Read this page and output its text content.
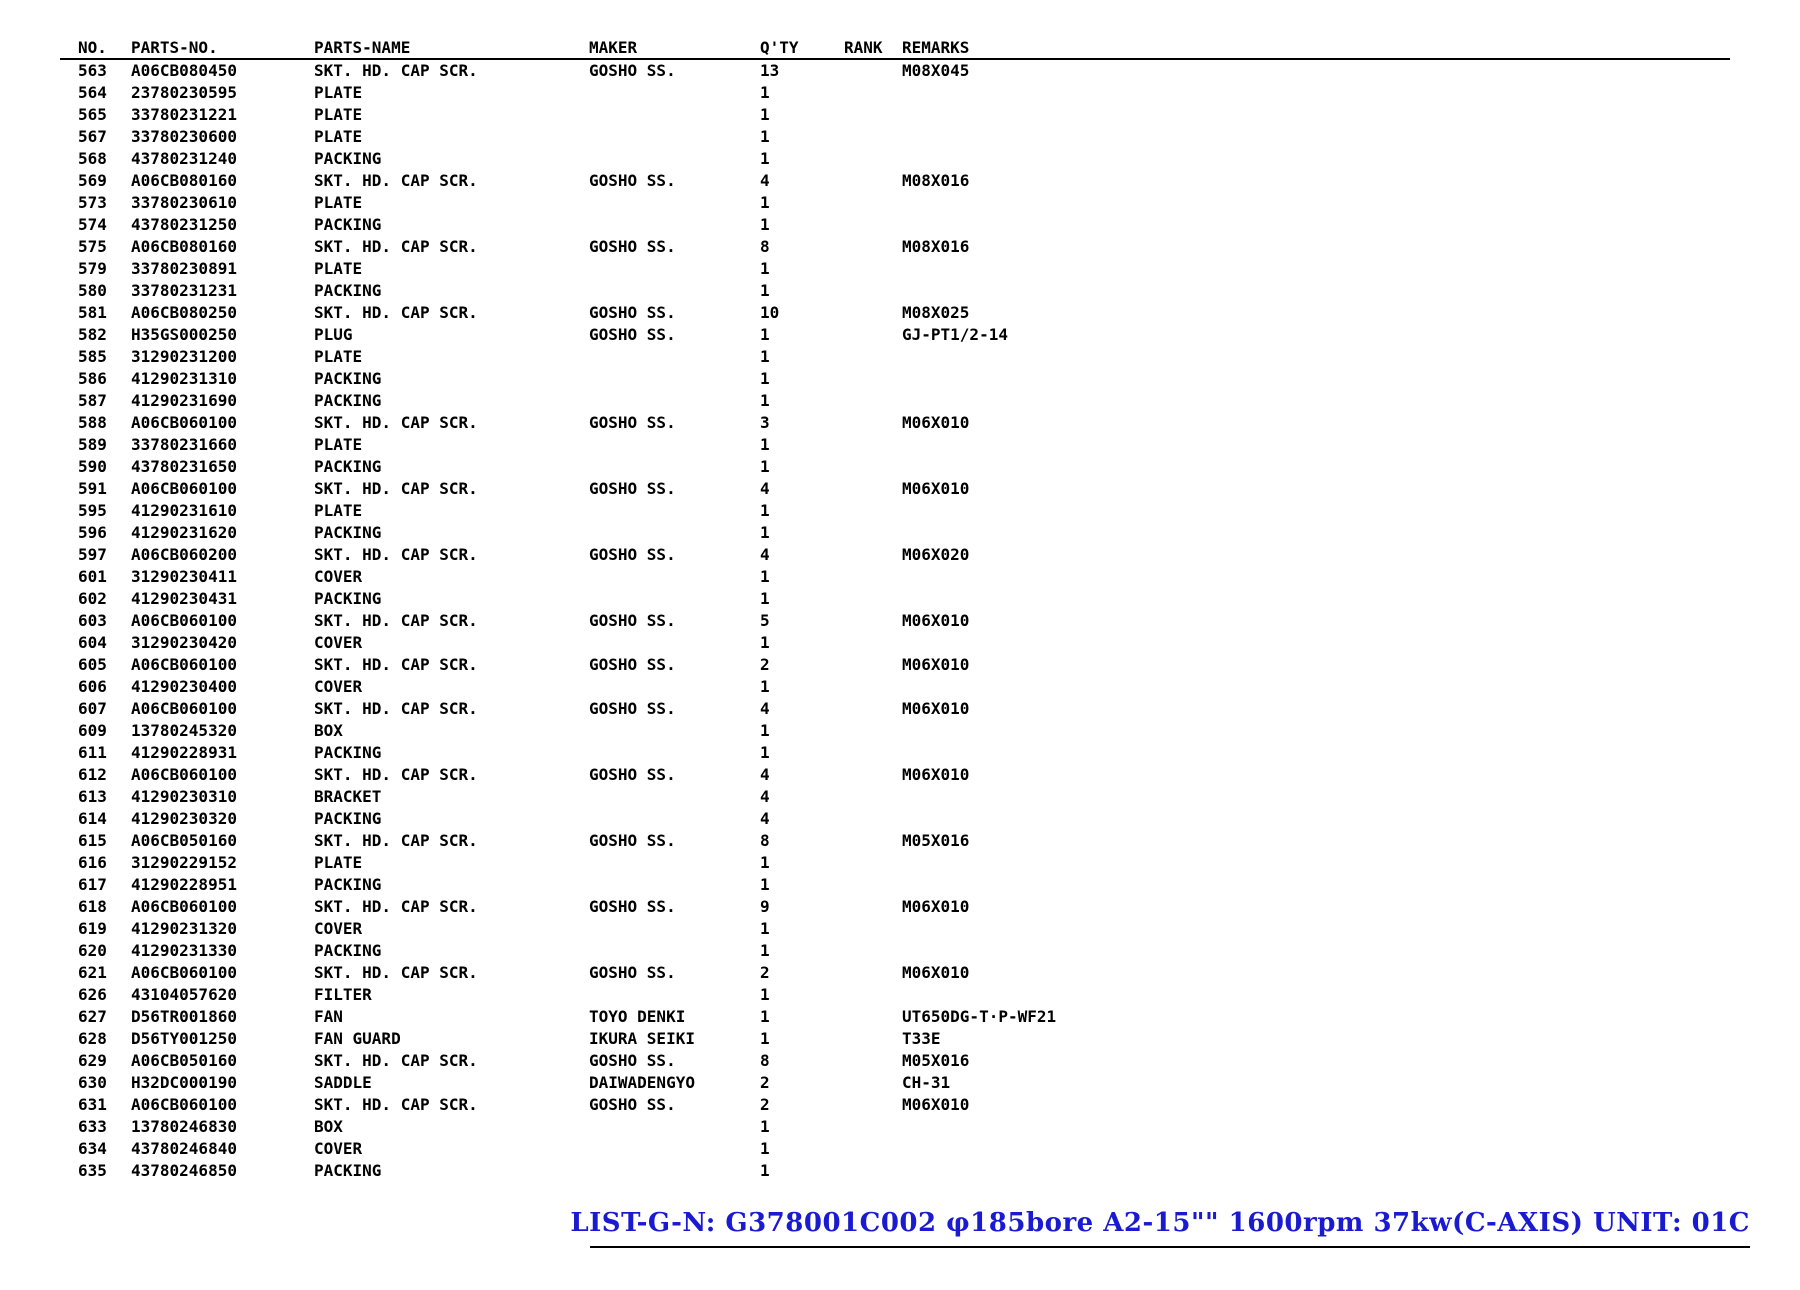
NO. PARTS-NO.	PARTS-NAME	MAKER	Q'TY	RANK REMARKS
563 A06CB080450	SKT. HD. CAP SCR.	GOSHO SS.	13	M08X045
564 23780230595	PLATE	1
565 33780231221	PLATE	1
567 33780230600	PLATE	1
568 43780231240	PACKING	1
569 A06CB080160	SKT. HD. CAP SCR.	GOSHO SS.	4	M08X016
573 33780230610	PLATE	1
574 43780231250	PACKING	1
575 A06CB080160	SKT. HD. CAP SCR.	GOSHO SS.	8	M08X016
579 33780230891	PLATE	1
580 33780231231	PACKING	1
581 A06CB080250	SKT. HD. CAP SCR.	GOSHO SS.	10	M08X025
582 H35GS000250	PLUG	GOSHO SS.	1	GJ-PT1/2-14
585 31290231200	PLATE	1
586 41290231310	PACKING	1
587 41290231690	PACKING	1
588 A06CB060100	SKT. HD. CAP SCR.	GOSHO SS.	3	M06X010
589 33780231660	PLATE	1
590 43780231650	PACKING	1
591 A06CB060100	SKT. HD. CAP SCR.	GOSHO SS.	4	M06X010
595 41290231610	PLATE	1
596 41290231620	PACKING	1
597 A06CB060200	SKT. HD. CAP SCR.	GOSHO SS.	4	M06X020
601 31290230411	COVER	1
602 41290230431	PACKING	1
603 A06CB060100	SKT. HD. CAP SCR.	GOSHO SS.	5	M06X010
604 31290230420	COVER	1
605 A06CB060100	SKT. HD. CAP SCR.	GOSHO SS.	2	M06X010
606 41290230400	COVER	1
607 A06CB060100	SKT. HD. CAP SCR.	GOSHO SS.	4	M06X010
609 13780245320	BOX	1
611 41290228931	PACKING	1
612 A06CB060100	SKT. HD. CAP SCR.	GOSHO SS.	4	M06X010
613 41290230310	BRACKET	4
614 41290230320	PACKING	4
615 A06CB050160	SKT. HD. CAP SCR.	GOSHO SS.	8	M05X016
616 31290229152	PLATE	1
617 41290228951	PACKING	1
618 A06CB060100	SKT. HD. CAP SCR.	GOSHO SS.	9	M06X010
619 41290231320	COVER	1
620 41290231330	PACKING	1
621 A06CB060100	SKT. HD. CAP SCR.	GOSHO SS.	2	M06X010
626 43104057620	FILTER	1
627 D56TR001860	FAN	TOYO DENKI	1	UT650DG-T·P-WF21
628 D56TY001250	FAN GUARD	IKURA SEIKI	1	T33E
629 A06CB050160	SKT. HD. CAP SCR.	GOSHO SS.	8	M05X016
630 H32DC000190	SADDLE	DAIWADENGYO	2	CH-31
631 A06CB060100	SKT. HD. CAP SCR.	GOSHO SS.	2	M06X010
633 13780246830	BOX	1
634 43780246840	COVER	1
635 43780246850	PACKING	1
LIST-G-N: G378001C002 φ185bore A2-15"" 1600rpm 37kw(C-AXIS) UNIT: 01C
